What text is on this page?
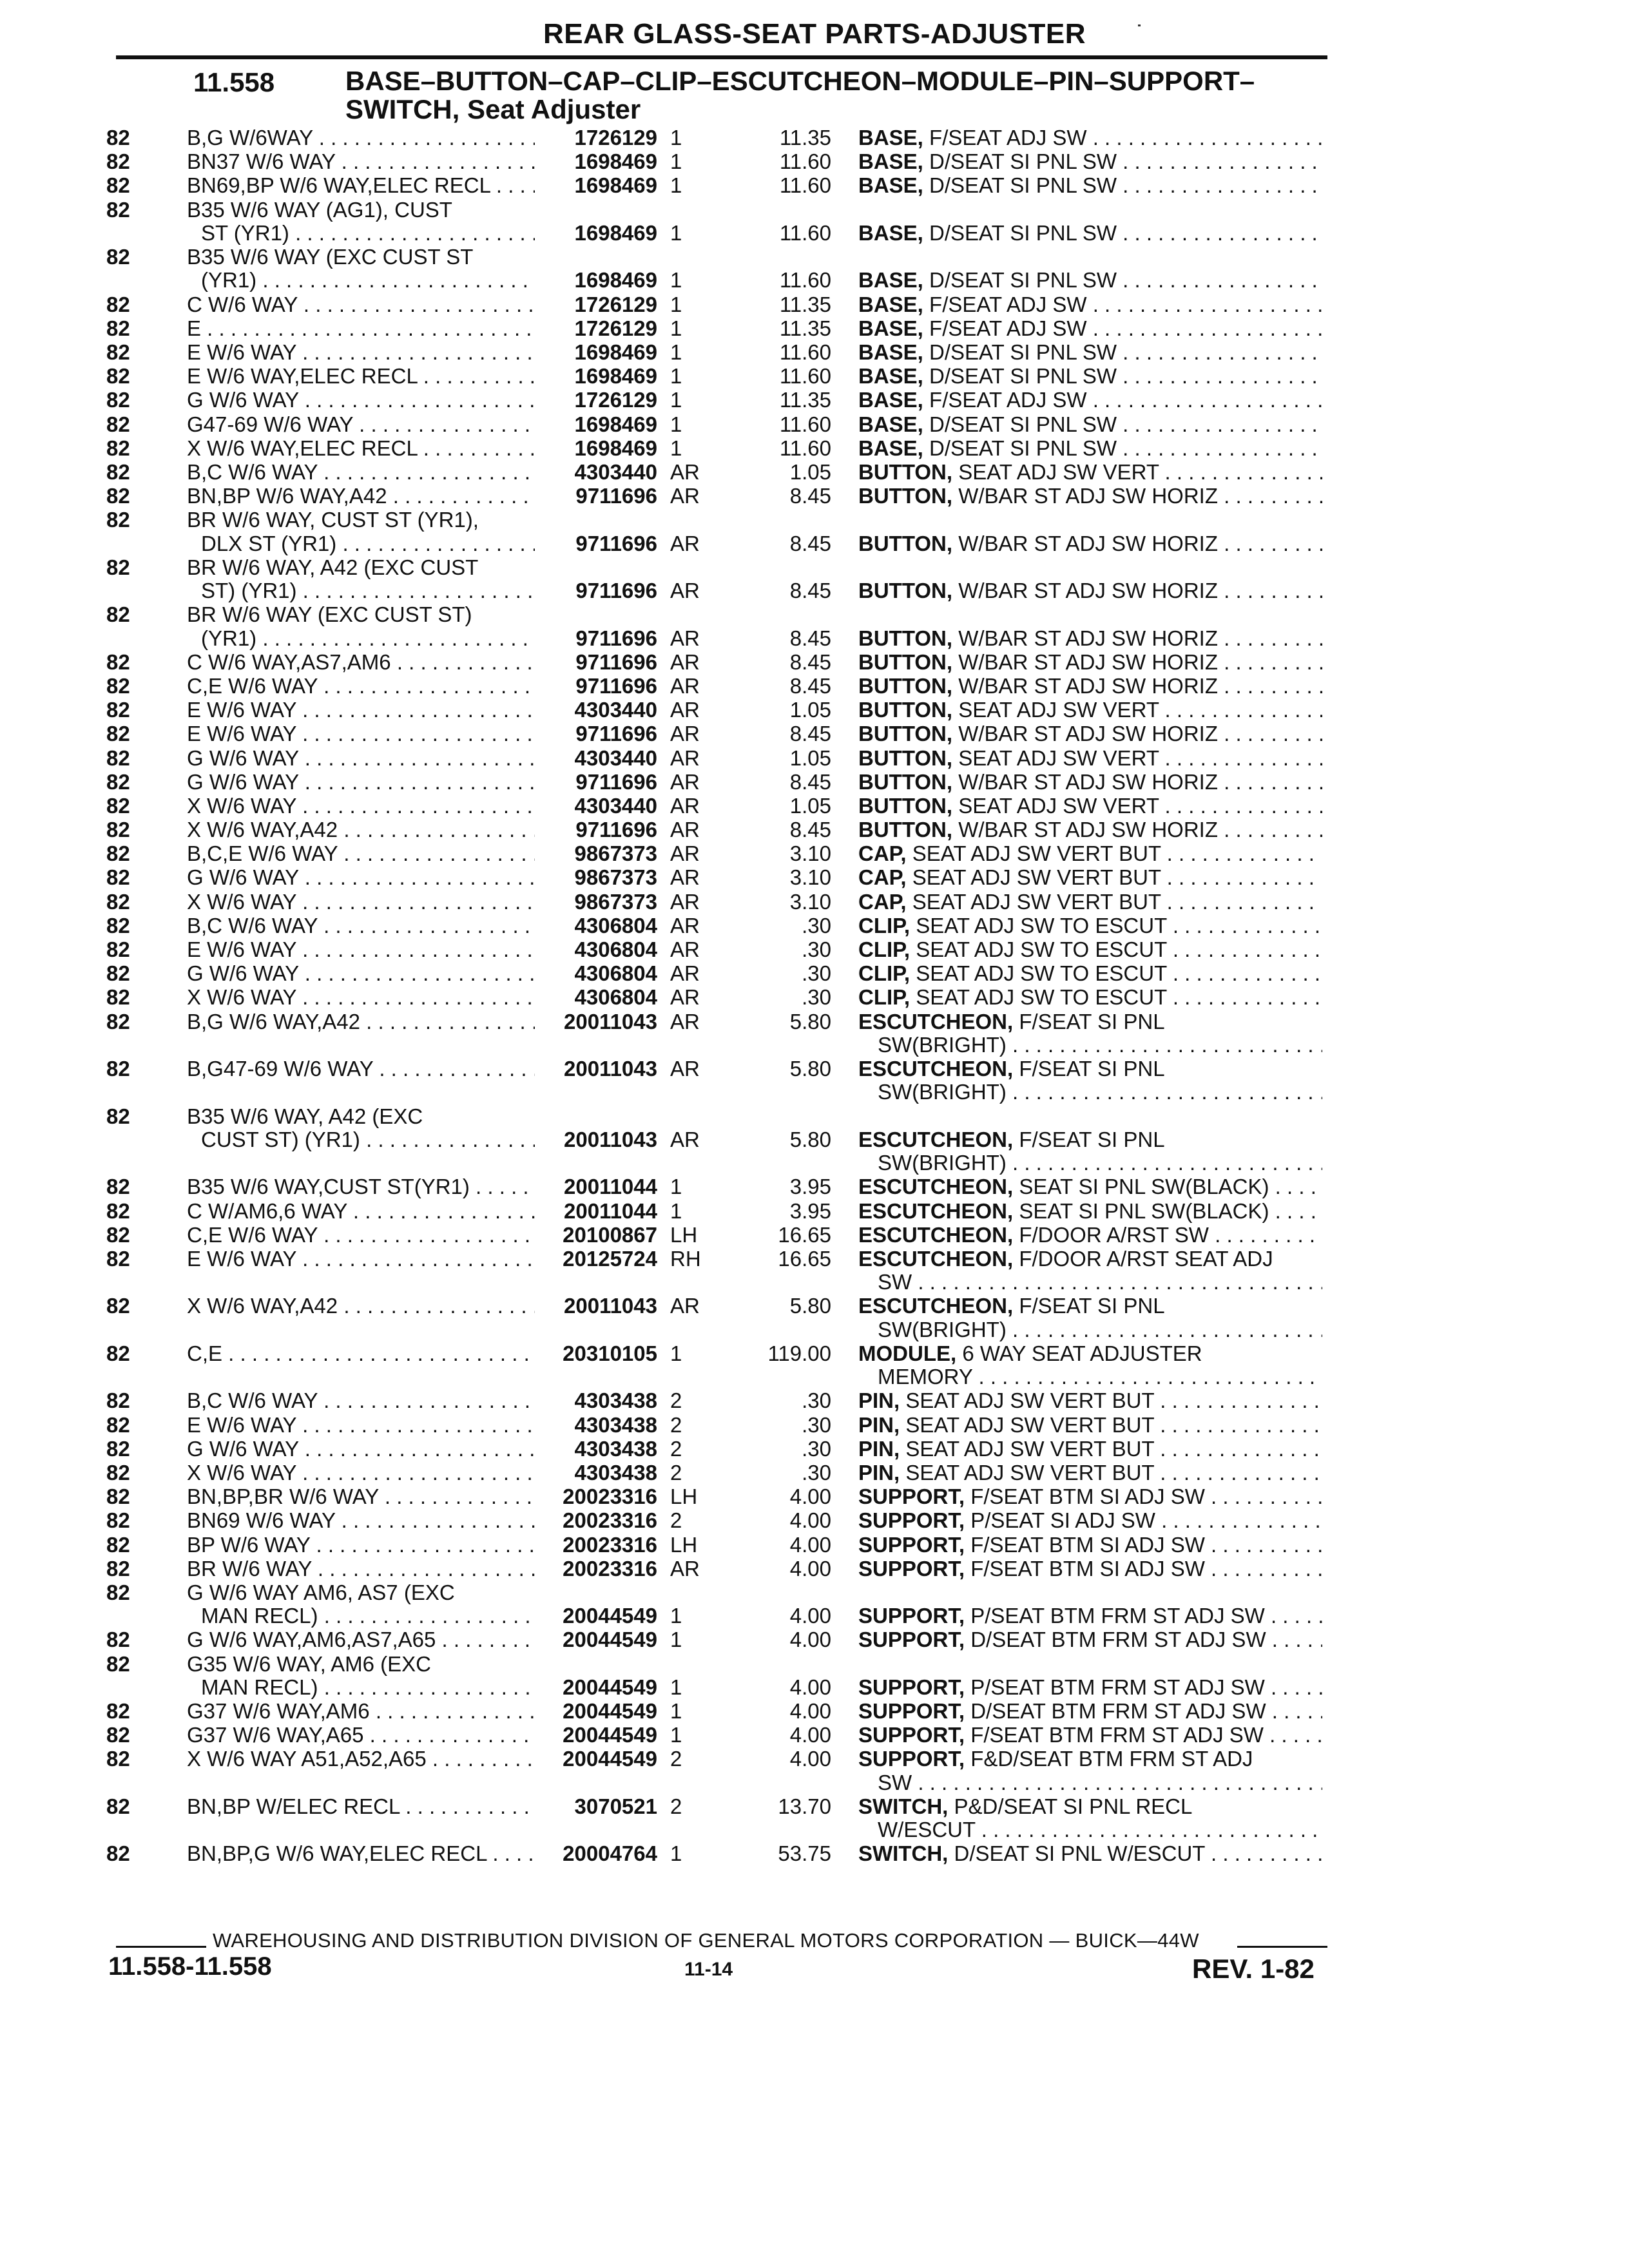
REAR GLASS-SEAT PARTS-ADJUSTER
11.558	BASE–BUTTON–CAP–CLIP–ESCUTCHEON–MODULE–PIN–SUPPORT–
SWITCH, Seat Adjuster
82	B,G W/6WAY . . .	1726129 1	11.35 BASE, F/SEAT ADJ SW . . .
82	BN37 W/6 WAY . . .	1698469 1	11.60 BASE, D/SEAT SI PNL SW . . .
82	BN69,BP W/6 WAY,ELEC RECL . . .	1698469 1	11.60 BASE, D/SEAT SI PNL SW . . .
82	B35 W/6 WAY (AG1), CUST
ST (YR1) . . .	1698469 1	11.60 BASE, D/SEAT SI PNL SW . . .
82	B35 W/6 WAY (EXC CUST ST
(YR1) . . .	1698469 1	11.60 BASE, D/SEAT SI PNL SW . . .
82	C W/6 WAY . . .	1726129 1	11.35 BASE, F/SEAT ADJ SW . . .
82	E . . .	1726129 1	11.35 BASE, F/SEAT ADJ SW . . .
82	E W/6 WAY . . .	1698469 1	11.60 BASE, D/SEAT SI PNL SW . . .
82	E W/6 WAY,ELEC RECL . . .	1698469 1	11.60 BASE, D/SEAT SI PNL SW . . .
82	G W/6 WAY . . .	1726129 1	11.35 BASE, F/SEAT ADJ SW . . .
82	G47-69 W/6 WAY . . .	1698469 1	11.60 BASE, D/SEAT SI PNL SW . . .
82	X W/6 WAY,ELEC RECL . . .	1698469 1	11.60 BASE, D/SEAT SI PNL SW . . .
82	B,C W/6 WAY . . .	4303440 AR	1.05 BUTTON, SEAT ADJ SW VERT . . .
82	BN,BP W/6 WAY,A42 . . .	9711696 AR	8.45 BUTTON, W/BAR ST ADJ SW HORIZ . . .
82	BR W/6 WAY, CUST ST (YR1),
DLX ST (YR1) . . .	9711696 AR	8.45 BUTTON, W/BAR ST ADJ SW HORIZ . . .
82	BR W/6 WAY, A42 (EXC CUST
ST) (YR1) . . .	9711696 AR	8.45 BUTTON, W/BAR ST ADJ SW HORIZ . . .
82	BR W/6 WAY (EXC CUST ST)
(YR1) . . .	9711696 AR	8.45 BUTTON, W/BAR ST ADJ SW HORIZ . . .
82	C W/6 WAY,AS7,AM6 . . .	9711696 AR	8.45 BUTTON, W/BAR ST ADJ SW HORIZ . . .
82	C,E W/6 WAY . . .	9711696 AR	8.45 BUTTON, W/BAR ST ADJ SW HORIZ . . .
82	E W/6 WAY . . .	4303440 AR	1.05 BUTTON, SEAT ADJ SW VERT . . .
82	E W/6 WAY . . .	9711696 AR	8.45 BUTTON, W/BAR ST ADJ SW HORIZ . . .
82	G W/6 WAY . . .	4303440 AR	1.05 BUTTON, SEAT ADJ SW VERT . . .
82	G W/6 WAY . . .	9711696 AR	8.45 BUTTON, W/BAR ST ADJ SW HORIZ . . .
82	X W/6 WAY . . .	4303440 AR	1.05 BUTTON, SEAT ADJ SW VERT . . .
82	X W/6 WAY,A42 . . .	9711696 AR	8.45 BUTTON, W/BAR ST ADJ SW HORIZ . . .
82	B,C,E W/6 WAY . . .	9867373 AR	3.10 CAP, SEAT ADJ SW VERT BUT . . .
82	G W/6 WAY . . .	9867373 AR	3.10 CAP, SEAT ADJ SW VERT BUT . . .
82	X W/6 WAY . . .	9867373 AR	3.10 CAP, SEAT ADJ SW VERT BUT . . .
82	B,C W/6 WAY . . .	4306804 AR	.30 CLIP, SEAT ADJ SW TO ESCUT . . .
82	E W/6 WAY . . .	4306804 AR	.30 CLIP, SEAT ADJ SW TO ESCUT . . .
82	G W/6 WAY . . .	4306804 AR	.30 CLIP, SEAT ADJ SW TO ESCUT . . .
82	X W/6 WAY . . .	4306804 AR	.30 CLIP, SEAT ADJ SW TO ESCUT . . .
82	B,G W/6 WAY,A42 . . .	20011043 AR	5.80 ESCUTCHEON, F/SEAT SI PNL
SW(BRIGHT) . . .
82	B,G47-69 W/6 WAY . . .	20011043 AR	5.80 ESCUTCHEON, F/SEAT SI PNL
SW(BRIGHT) . . .
82	B35 W/6 WAY, A42 (EXC
CUST ST) (YR1) . . .	20011043 AR	5.80 ESCUTCHEON, F/SEAT SI PNL
SW(BRIGHT) . . .
82	B35 W/6 WAY,CUST ST(YR1) . . .	20011044 1	3.95 ESCUTCHEON, SEAT SI PNL SW(BLACK) . . .
82	C W/AM6,6 WAY . . .	20011044 1	3.95 ESCUTCHEON, SEAT SI PNL SW(BLACK) . . .
82	C,E W/6 WAY . . .	20100867 LH	16.65 ESCUTCHEON, F/DOOR A/RST SW . . .
82	E W/6 WAY . . .	20125724 RH	16.65 ESCUTCHEON, F/DOOR A/RST SEAT ADJ
SW . . .
82	X W/6 WAY,A42 . . .	20011043 AR	5.80 ESCUTCHEON, F/SEAT SI PNL
SW(BRIGHT) . . .
82	C,E . . .	20310105 1	119.00 MODULE, 6 WAY SEAT ADJUSTER
MEMORY . . .
82	B,C W/6 WAY . . .	4303438 2	.30 PIN, SEAT ADJ SW VERT BUT . . .
82	E W/6 WAY . . .	4303438 2	.30 PIN, SEAT ADJ SW VERT BUT . . .
82	G W/6 WAY . . .	4303438 2	.30 PIN, SEAT ADJ SW VERT BUT . . .
82	X W/6 WAY . . .	4303438 2	.30 PIN, SEAT ADJ SW VERT BUT . . .
82	BN,BP,BR W/6 WAY . . .	20023316 LH	4.00 SUPPORT, F/SEAT BTM SI ADJ SW . . .
82	BN69 W/6 WAY . . .	20023316 2	4.00 SUPPORT, P/SEAT SI ADJ SW . . .
82	BP W/6 WAY . . .	20023316 LH	4.00 SUPPORT, F/SEAT BTM SI ADJ SW . . .
82	BR W/6 WAY . . .	20023316 AR	4.00 SUPPORT, F/SEAT BTM SI ADJ SW . . .
82	G W/6 WAY AM6, AS7 (EXC
MAN RECL) . . .	20044549 1	4.00 SUPPORT, P/SEAT BTM FRM ST ADJ SW . . .
82	G W/6 WAY,AM6,AS7,A65 . . .	20044549 1	4.00 SUPPORT, D/SEAT BTM FRM ST ADJ SW . . .
82	G35 W/6 WAY, AM6 (EXC
MAN RECL) . . .	20044549 1	4.00 SUPPORT, P/SEAT BTM FRM ST ADJ SW . . .
82	G37 W/6 WAY,AM6 . . .	20044549 1	4.00 SUPPORT, D/SEAT BTM FRM ST ADJ SW . . .
82	G37 W/6 WAY,A65 . . .	20044549 1	4.00 SUPPORT, F/SEAT BTM FRM ST ADJ SW . . .
82	X W/6 WAY A51,A52,A65 . . .	20044549 2	4.00 SUPPORT, F&D/SEAT BTM FRM ST ADJ
SW . . .
82	BN,BP W/ELEC RECL . . .	3070521 2	13.70 SWITCH, P&D/SEAT SI PNL RECL
W/ESCUT . . .
82	BN,BP,G W/6 WAY,ELEC RECL . . .	20004764 1	53.75 SWITCH, D/SEAT SI PNL W/ESCUT . . .
WAREHOUSING AND DISTRIBUTION DIVISION OF GENERAL MOTORS CORPORATION — BUICK—44W
11.558-11.558	11-14	REV. 1-82
